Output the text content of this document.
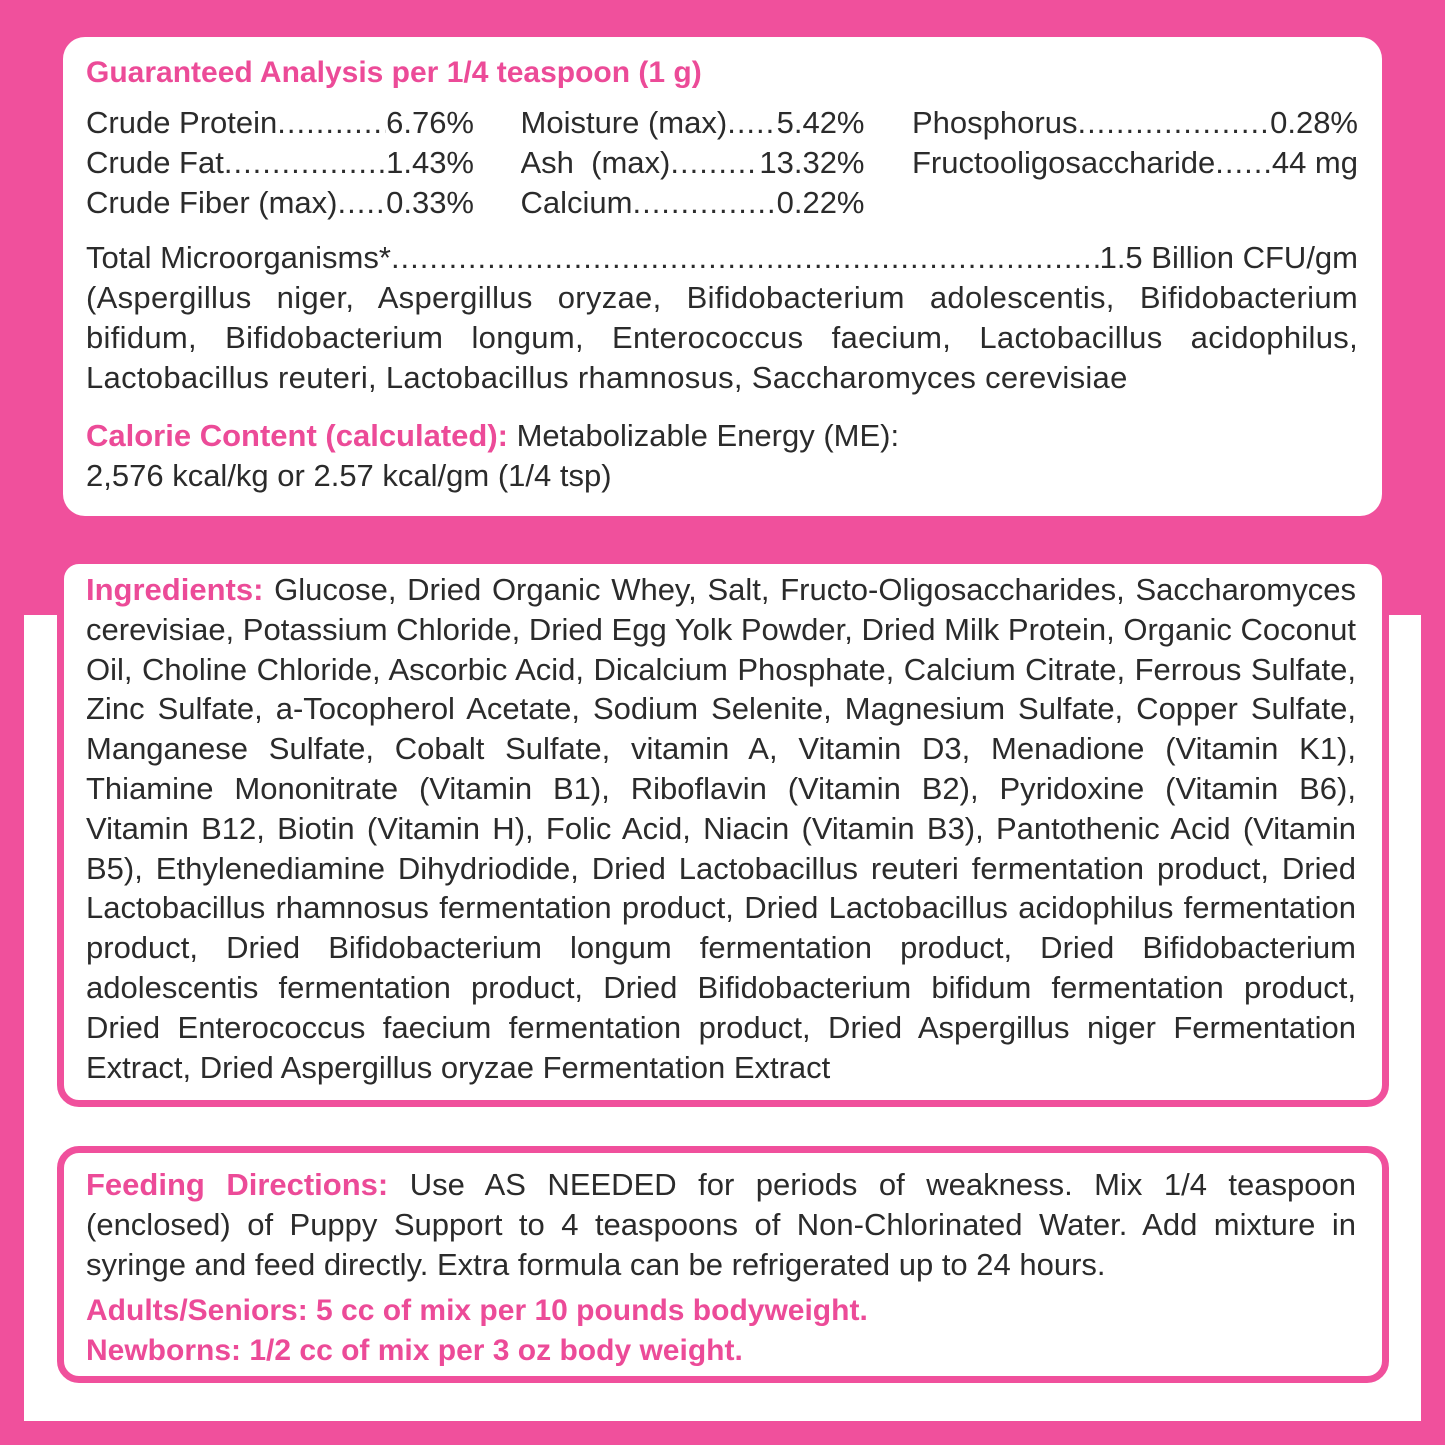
Guaranteed Analysis per 1/4 teaspoon (1 g)
Crude Protein .....	6.76%
Crude Fat .....	1.43%
Crude Fiber (max) ..... 0.33%
Moisture (max) ..... 5.42%
Ash  (max) .....	13.32%
Calcium .....	0.22%
Phosphorus .....	0.28%
Fructooligosaccharide ..... 44 mg
Total Microorganisms* .....	1.5 Billion CFU/gm
(Aspergillus niger, Aspergillus oryzae, Bifidobacterium adolescentis, Bifidobacterium bifidum, Bifidobacterium longum, Enterococcus faecium, Lactobacillus acidophilus, Lactobacillus reuteri, Lactobacillus rhamnosus, Saccharomyces cerevisiae
Calorie Content (calculated): Metabolizable Energy (ME):
2,576 kcal/kg or 2.57 kcal/gm (1/4 tsp)
Ingredients: Glucose, Dried Organic Whey, Salt, Fructo-Oligosaccharides, Saccharomyces cerevisiae, Potassium Chloride, Dried Egg Yolk Powder, Dried Milk Protein, Organic Coconut Oil, Choline Chloride, Ascorbic Acid, Dicalcium Phosphate, Calcium Citrate, Ferrous Sulfate, Zinc Sulfate, a-Tocopherol Acetate, Sodium Selenite, Magnesium Sulfate, Copper Sulfate, Manganese Sulfate, Cobalt Sulfate, vitamin A, Vitamin D3, Menadione (Vitamin K1), Thiamine Mononitrate (Vitamin B1), Riboflavin (Vitamin B2), Pyridoxine (Vitamin B6), Vitamin B12, Biotin (Vitamin H), Folic Acid, Niacin (Vitamin B3), Pantothenic Acid (Vitamin B5), Ethylenediamine Dihydriodide, Dried Lactobacillus reuteri fermentation product, Dried Lactobacillus rhamnosus fermentation product, Dried Lactobacillus acidophilus fermentation product, Dried Bifidobacterium longum fermentation product, Dried Bifidobacterium adolescentis fermentation product, Dried Bifidobacterium bifidum fermentation product, Dried Enterococcus faecium fermentation product, Dried Aspergillus niger Fermentation Extract, Dried Aspergillus oryzae Fermentation Extract
Feeding Directions: Use AS NEEDED for periods of weakness. Mix 1/4 teaspoon (enclosed) of Puppy Support to 4 teaspoons of Non-Chlorinated Water. Add mixture in syringe and feed directly. Extra formula can be refrigerated up to 24 hours.
Adults/Seniors: 5 cc of mix per 10 pounds bodyweight.
Newborns: 1/2 cc of mix per 3 oz body weight.
